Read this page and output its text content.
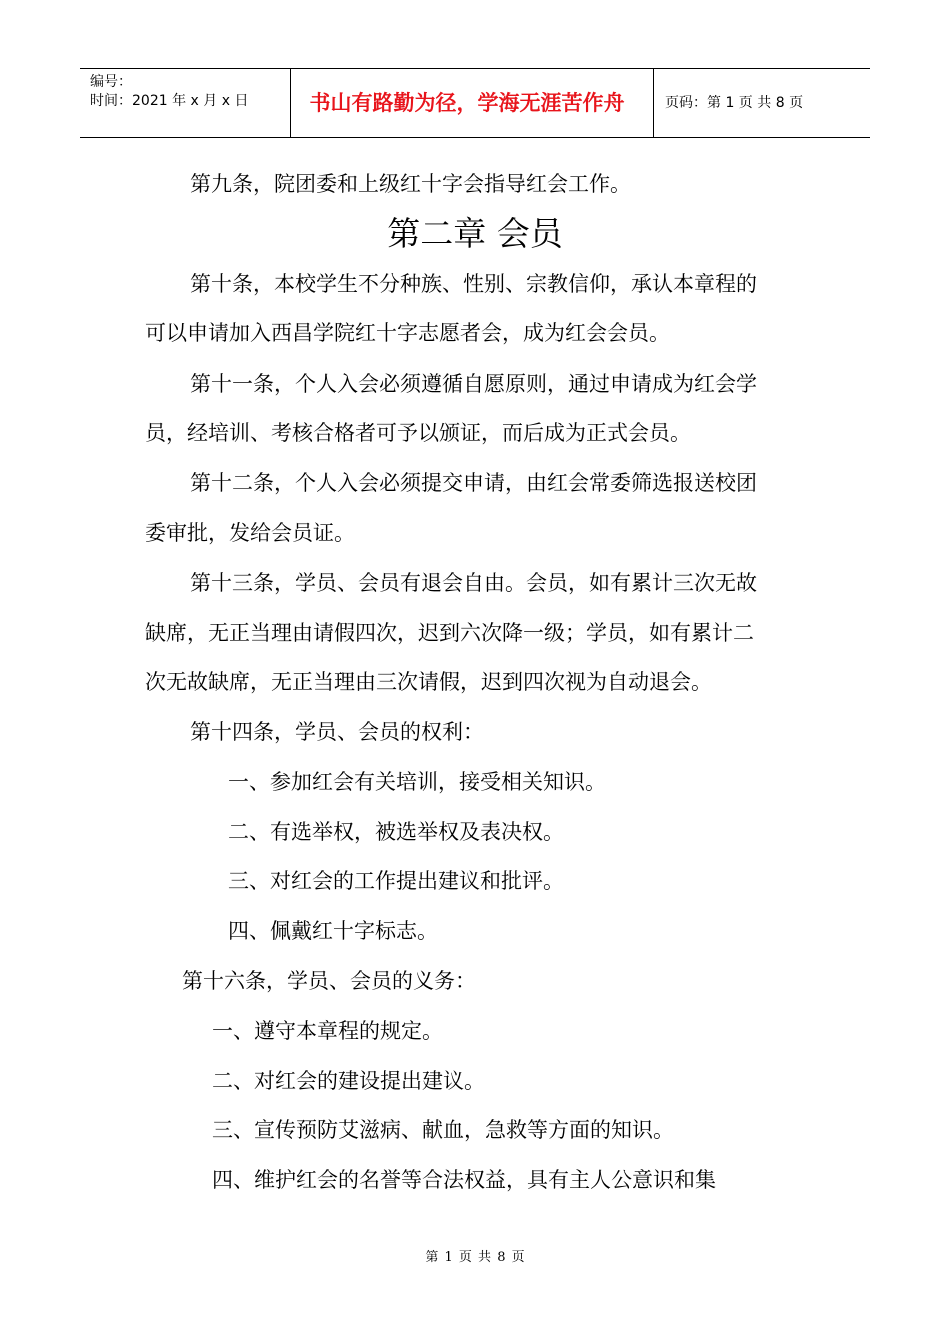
编号：
时间：2021 年 x 月 x 日	书山有路勤为径，学海无涯苦作舟	页码：第 1 页 共 8 页
第九条，院团委和上级红十字会指导红会工作。
第二章 会员
第十条，本校学生不分种族、性别、宗教信仰，承认本章程的
可以申请加入西昌学院红十字志愿者会，成为红会会员。
第十一条，个人入会必须遵循自愿原则，通过申请成为红会学
员，经培训、考核合格者可予以颁证，而后成为正式会员。
第十二条，个人入会必须提交申请，由红会常委筛选报送校团
委审批，发给会员证。
第十三条，学员、会员有退会自由。会员，如有累计三次无故
缺席，无正当理由请假四次，迟到六次降一级；学员，如有累计二
次无故缺席，无正当理由三次请假，迟到四次视为自动退会。
第十四条，学员、会员的权利：
一、参加红会有关培训，接受相关知识。
二、有选举权，被选举权及表决权。
三、对红会的工作提出建议和批评。
四、佩戴红十字标志。
第十六条，学员、会员的义务：
一、遵守本章程的规定。
二、对红会的建设提出建议。
三、宣传预防艾滋病、献血，急救等方面的知识。
四、维护红会的名誉等合法权益，具有主人公意识和集
第 1 页 共 8 页
